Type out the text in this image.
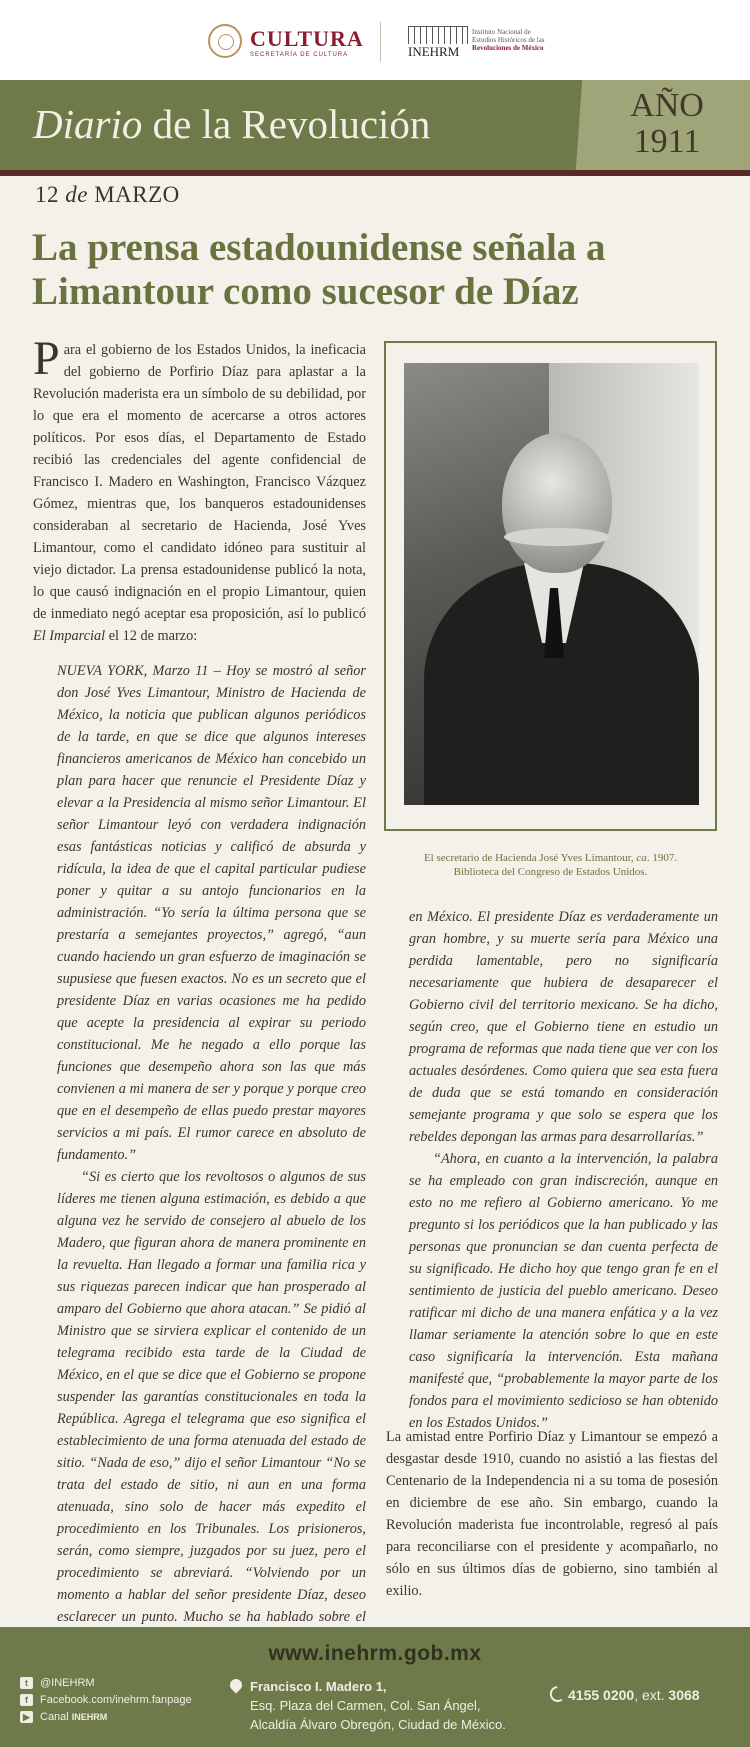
CULTURA
SECRETARÍA DE CULTURA	INEHRM
Instituto Nacional de
Estudios Históricos de las
Revoluciones de México
Diario de la Revolución	AÑO
1911
12 de MARZO
La prensa estadounidense señala a Limantour como sucesor de Díaz

Para el gobierno de los Estados Unidos, la ineficacia del gobierno de Porfirio Díaz para aplastar a la Revolución maderista era un símbolo de su debilidad, por lo que era el momento de acercarse a otros actores políticos. Por esos días, el Departamento de Estado recibió las credenciales del agente confidencial de Francisco I. Madero en Washington, Francisco Vázquez Gómez, mientras que, los banqueros estadounidenses consideraban al secretario de Hacienda, José Yves Limantour, como el candidato idóneo para sustituir al viejo dictador. La prensa estadounidense publicó la nota, lo que causó indignación en el propio Limantour, quien de inmediato negó aceptar esa proposición, así lo publicó El Imparcial el 12 de marzo:

NUEVA YORK, Marzo 11 – Hoy se mostró al señor don José Yves Limantour, Ministro de Hacienda de México, la noticia que publican algunos periódicos de la tarde, en que se dice que algunos intereses financieros americanos de México han concebido un plan para hacer que renuncie el Presidente Díaz y elevar a la Presidencia al mismo señor Limantour. El señor Limantour leyó con verdadera indignación esas fantásticas noticias y calificó de absurda y ridícula, la idea de que el capital particular pudiese poner y quitar a su antojo funcionarios en la administración. “Yo sería la última persona que se prestaría a semejantes proyectos,” agregó, “aun cuando haciendo un gran esfuerzo de imaginación se supusiese que fuesen exactos. No es un secreto que el presidente Díaz en varias ocasiones me ha pedido que acepte la presidencia al expirar su periodo constitucional. Me he negado a ello porque las funciones que desempeño ahora son las que más convienen a mi manera de ser y porque y porque creo que en el desempeño de ellas puedo prestar mayores servicios a mi país. El rumor carece en absoluto de fundamento.”

“Si es cierto que los revoltosos o algunos de sus líderes me tienen alguna estimación, es debido a que alguna vez he servido de consejero al abuelo de los Madero, que figuran ahora de manera prominente en la revuelta. Han llegado a formar una familia rica y sus riquezas parecen indicar que han prosperado al amparo del Gobierno que ahora atacan.” Se pidió al Ministro que se sirviera explicar el contenido de un telegrama recibido esta tarde de la Ciudad de México, en el que se dice que el Gobierno se propone suspender las garantías constitucionales en toda la República. Agrega el telegrama que eso significa el establecimiento de una forma atenuada del estado de sitio. “Nada de eso,” dijo el señor Limantour “No se trata del estado de sitio, ni aun en una forma atenuada, sino solo de hacer más expedito el procedimiento en los Tribunales. Los prisioneros, serán, como siempre, juzgados por su juez, pero el procedimiento se abreviará. “Volviendo por un momento a hablar del señor presidente Díaz, deseo esclarecer un punto. Mucho se ha hablado sobre el

El secretario de Hacienda José Yves Limantour, ca. 1907.
Biblioteca del Congreso de Estados Unidos.

en México. El presidente Díaz es verdaderamente un gran hombre, y su muerte sería para México una perdida lamentable, pero no significaría necesariamente que hubiera de desaparecer el Gobierno civil del territorio mexicano. Se ha dicho, según creo, que el Gobierno tiene en estudio un programa de reformas que nada tiene que ver con los actuales desórdenes. Como quiera que sea esta fuera de duda que se está tomando en consideración semejante programa y que solo se espera que los rebeldes depongan las armas para desarrollarías.”

“Ahora, en cuanto a la intervención, la palabra se ha empleado con gran indiscreción, aunque en esto no me refiero al Gobierno americano. Yo me pregunto si los periódicos que la han publicado y las personas que pronuncian se dan cuenta perfecta de su significado. He dicho hoy que tengo gran fe en el sentimiento de justicia del pueblo americano. Deseo ratificar mi dicho de una manera enfática y a la vez llamar seriamente la atención sobre lo que en este caso significaría la intervención. Esta mañana manifesté que, “probablemente la mayor parte de los fondos para el movimiento sedicioso se han obtenido en los Estados Unidos.”

La amistad entre Porfirio Díaz y Limantour se empezó a desgastar desde 1910, cuando no asistió a las fiestas del Centenario de la Independencia ni a su toma de posesión en diciembre de ese año. Sin embargo, cuando la Revolución maderista fue incontrolable, regresó al país para reconciliarse con el presidente y acompañarlo, no sólo en sus últimos días de gobierno, sino también al exilio.

www.inehrm.gob.mx
t	@INEHRM
f	Facebook.com/inehrm.fanpage
▶ Canal INEHRM
Francisco I. Madero 1,
Esq. Plaza del Carmen, Col. San Ángel,
Alcaldía Álvaro Obregón, Ciudad de México.
4155 0200, ext. 3068
